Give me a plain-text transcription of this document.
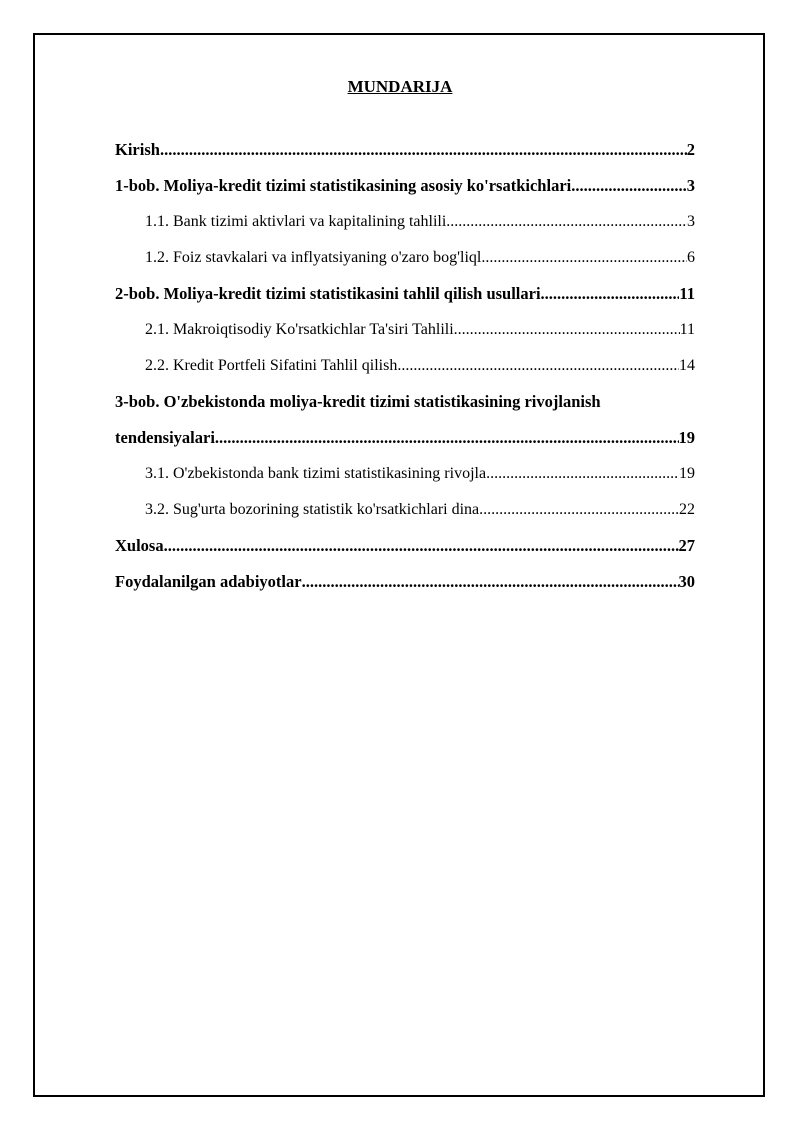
MUNDARIJA
Kirish .....	2
1-bob. Moliya-kredit tizimi statistikasining asosiy ko'rsatkichlari .....	3
1.1. Bank tizimi aktivlari va kapitalining tahlili .....	3
1.2. Foiz stavkalari va inflyatsiyaning o'zaro bog'liql .....	6
2-bob. Moliya-kredit tizimi statistikasini tahlil qilish usullari .....	11
2.1. Makroiqtisodiy Ko'rsatkichlar Ta'siri Tahlili .....	11
2.2. Kredit Portfeli Sifatini Tahlil qilish .....	14
3-bob. O'zbekistonda moliya-kredit tizimi statistikasining rivojlanish
tendensiyalari .....	19
3.1. O'zbekistonda bank tizimi statistikasining rivojla .....	19
3.2. Sug'urta bozorining statistik ko'rsatkichlari dina .....	22
Xulosa .....	27
Foydalanilgan adabiyotlar .....	30
